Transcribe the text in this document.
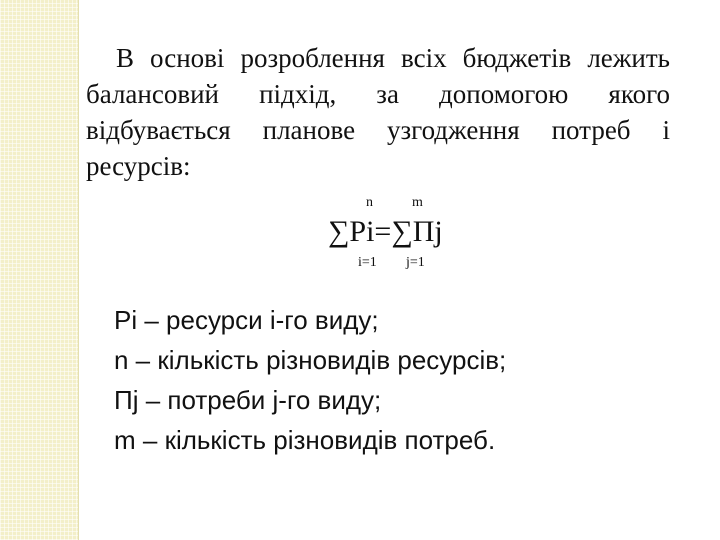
В основі розроблення всіх бюджетів лежить балансовий підхід, за допомогою якого відбувається планове узгодження потреб і ресурсів:

n	m
∑Pi=∑Пj
i=1 j=1
Pi – ресурси і-го виду;
n – кількість різновидів ресурсів;
Пj – потреби j-го виду;
m – кількість різновидів потреб.
